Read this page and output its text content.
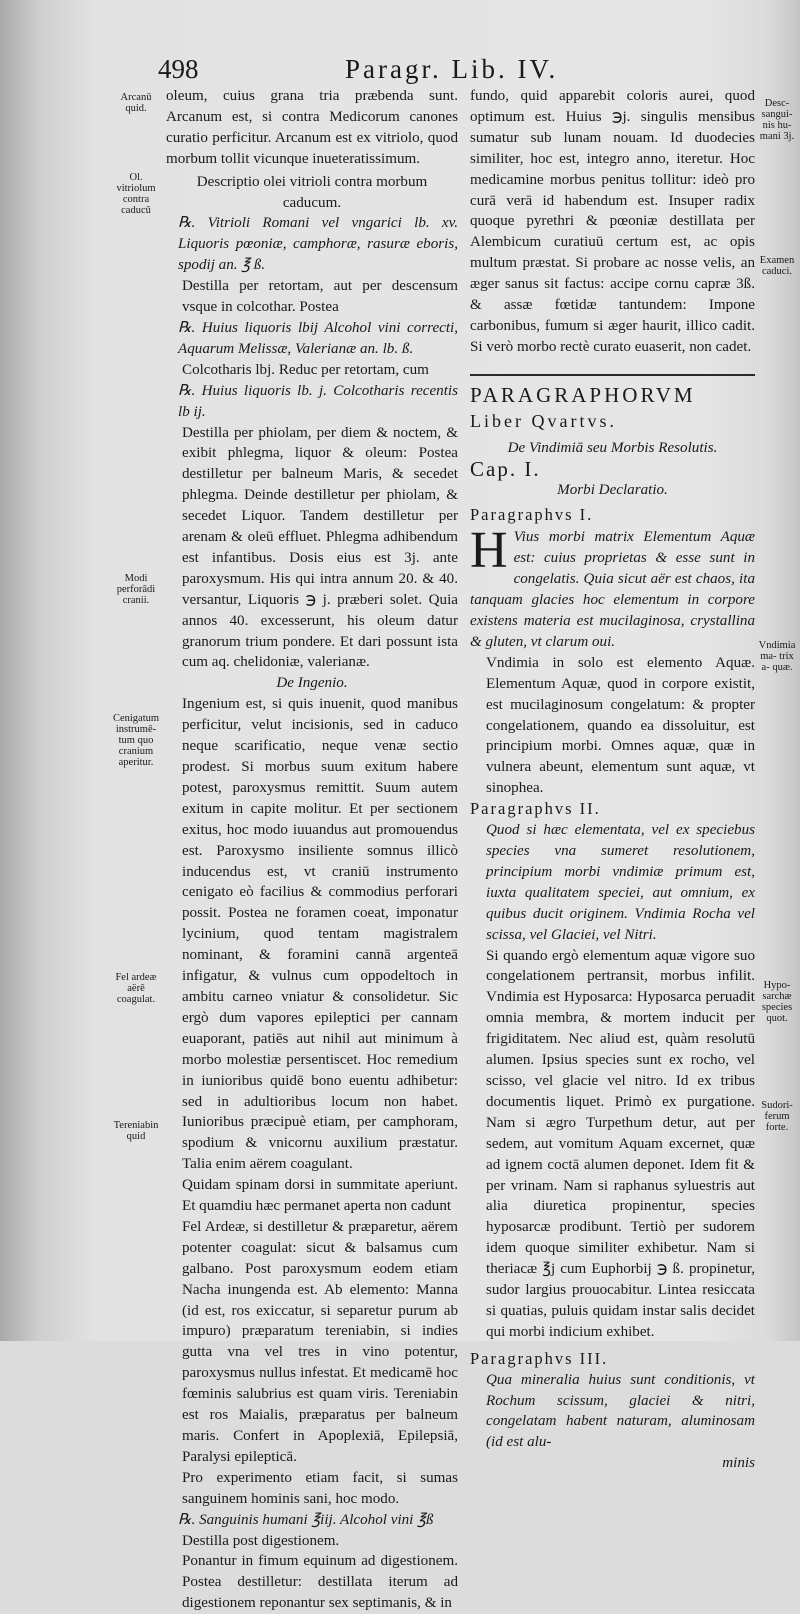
498	Paragr. Lib. IV.
Arcanū quid.
Ol. vitriolum contra caducū
Modi perforādi cranii.
Cenigatum instrumē- tum quo cranium aperitur.
Fel ardeæ aërē coagulat.
Tereniabin quid
Desc- sangui- nis hu- mani 3j.
Examen caduci.
Vndimia ma- trix a- quæ.
Hypo- sarchæ species quot.
Sudori- ferum forte.

oleum, cuius grana tria præbenda sunt. Arcanum est, si contra Medicorum canones curatio perficitur. Arcanum est ex vitriolo, quod morbum tollit vicunque inueteratissimum.

Descriptio olei vitrioli contra morbum caducum.

℞. Vitrioli Romani vel vngarici lb. xv. Liquoris pœoniæ, camphoræ, rasuræ eboris, spodij an. ℥ ß.

Destilla per retortam, aut per descensum vsque in colcothar. Postea

℞. Huius liquoris lbij Alcohol vini correcti, Aquarum Melissæ, Valerianæ an. lb. ß.

Colcotharis lbj. Reduc per retortam, cum

℞. Huius liquoris lb. j. Colcotharis recentis lb ij.

Destilla per phiolam, per diem & noctem, & exibit phlegma, liquor & oleum: Postea destilletur per balneum Maris, & secedet phlegma. Deinde destilletur per phiolam, & secedet Liquor. Tandem destilletur per arenam & oleū effluet. Phlegma adhibendum est infantibus. Dosis eius est 3j. ante paroxysmum. His qui intra annum 20. & 40. versantur, Liquoris ℈ j. præberi solet. Quia annos 40. excesserunt, his oleum datur granorum trium pondere. Et dari possunt ista cum aq. chelidoniæ, valerianæ.

De Ingenio.

Ingenium est, si quis inuenit, quod manibus perficitur, velut incisionis, sed in caduco neque scarificatio, neque venæ sectio prodest. Si morbus suum exitum habere potest, paroxysmus remittit. Suum autem exitum in capite molitur. Et per sectionem exitus, hoc modo iuuandus aut promouendus est. Paroxysmo insiliente somnus illicò inducendus est, vt craniū instrumento cenigato eò facilius & commodius perforari possit. Postea ne foramen coeat, imponatur lycinium, quod tentam magistralem nominant, & foramini cannā argenteā infigatur, & vulnus cum oppodeltoch in ambitu carneo vniatur & consolidetur. Sic ergò dum vapores epileptici per cannam euaporant, patiēs aut nihil aut minimum à morbo molestiæ persentiscet. Hoc remedium in iunioribus quidē bono euentu adhibetur: sed in adultioribus locum non habet. Iunioribus præcipuè etiam, per camphoram, spodium & vnicornu auxilium præstatur. Talia enim aërem coagulant.

Quidam spinam dorsi in summitate aperiunt. Et quamdiu hæc permanet aperta non cadunt

Fel Ardeæ, si destilletur & præparetur, aërem potenter coagulat: sicut & balsamus cum galbano. Post paroxysmum eodem etiam Nacha inungenda est. Ab elemento: Manna (id est, ros exiccatur, si separetur purum ab impuro) præparatum tereniabin, si indies gutta vna vel tres in vino potentur, paroxysmus nullus infestat. Et medicamē hoc fœminis salubrius est quam viris. Tereniabin est ros Maialis, præparatus per balneum maris. Confert in Apoplexiā, Epilepsiā, Paralysi epilepticā.

Pro experimento etiam facit, si sumas sanguinem hominis sani, hoc modo.

℞. Sanguinis humani ℥iij. Alcohol vini ℥ß

Destilla post digestionem.

Ponantur in fimum equinum ad digestionem. Postea destilletur: destillata iterum ad digestionem reponantur sex septimanis, & in

fundo, quid apparebit coloris aurei, quod optimum est. Huius ℈j. singulis mensibus sumatur sub lunam nouam. Id duodecies similiter, hoc est, integro anno, iteretur. Hoc medicamine morbus penitus tollitur: ideò pro curā verā id habendum est. Insuper radix quoque pyrethri & pœoniæ destillata per Alembicum curatiuū certum est, ac opis multum præstat. Si probare ac nosse velis, an æger sanus sit factus: accipe cornu capræ 3ß. & assæ fœtidæ tantundem: Impone carbonibus, fumum si æger haurit, illico cadit. Si verò morbo rectè curato euaserit, non cadet.

PARAGRAPHORVM

Liber Qvartvs.

De Vindimiā seu Morbis Resolutis.

Cap. I.

Morbi Declaratio.

Paragraphvs I.

H Vius morbi matrix Elementum Aquæ est: cuius proprietas & esse sunt in congelatis. Quia sicut aër est chaos, ita tanquam glacies hoc elementum in corpore existens materia est mucilaginosa, crystallina & gluten, vt clarum oui.

Vndimia in solo est elemento Aquæ. Elementum Aquæ, quod in corpore existit, est mucilaginosum congelatum: & propter congelationem, quando ea dissoluitur, est principium morbi. Omnes aquæ, quæ in vulnera abeunt, elementum sunt aquæ, vt sinophea.

Paragraphvs II.

Quod si hæc elementata, vel ex speciebus species vna sumeret resolutionem, principium morbi vndimiæ primum est, iuxta qualitatem speciei, aut omnium, ex quibus ducit originem. Vndimia Rocha vel scissa, vel Glaciei, vel Nitri.

Si quando ergò elementum aquæ vigore suo congelationem pertransit, morbus infilit. Vndimia est Hyposarca: Hyposarca peruadit omnia membra, & mortem inducit per frigiditatem. Nec aliud est, quàm resolutū alumen. Ipsius species sunt ex rocho, vel scisso, vel glacie vel nitro. Id ex tribus documentis liquet. Primò ex purgatione. Nam si ægro Turpethum detur, aut per sedem, aut vomitum Aquam excernet, quæ ad ignem coctā alumen deponet. Idem fit & per vrinam. Nam si raphanus syluestris aut alia diuretica propinentur, species hyposarcæ prodibunt. Tertiò per sudorem idem quoque similiter exhibetur. Nam si theriacæ ℥j cum Euphorbij ℈ ß. propinetur, sudor largius prouocabitur. Lintea resiccata si quatias, puluis quidam instar salis decidet qui morbi indicium exhibet.

Paragraphvs III.

Qua mineralia huius sunt conditionis, vt Rochum scissum, glaciei & nitri, congelatam habent naturam, aluminosam (id est alu-

minis
